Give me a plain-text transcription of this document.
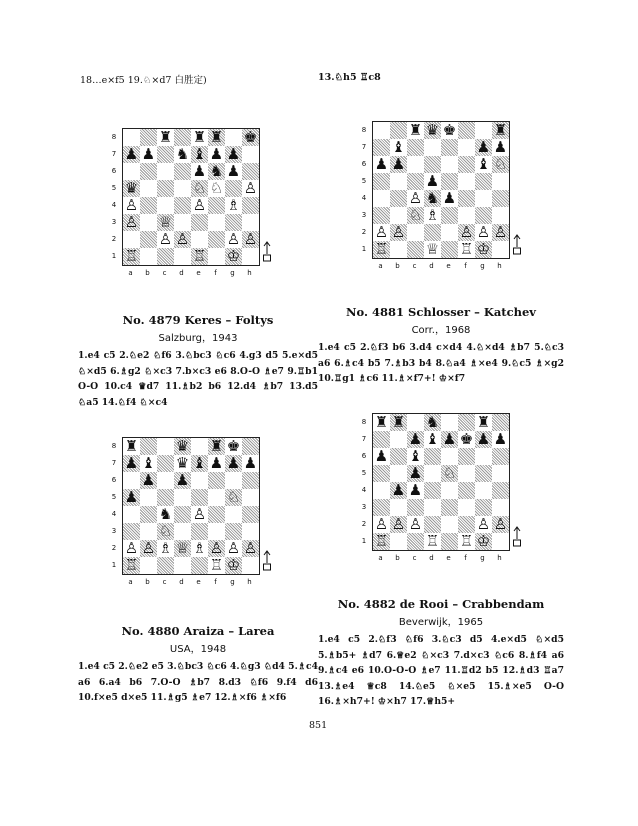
18…e×f5 19.♘×d7 白胜定)	13.♘h5 ♖c8
8
7
6
5
4
3
2
1
♜ ♜ ♜ ♚
♟ ♟ ♞ ♝ ♟ ♟
♟ ♞ ♟
♛	♘ ♘ ♙
♙	♙ ♗
♙ ♕
♙ ♙	♙ ♙
♖	♖ ♔
a	b	c	d	e	f	g	h
8
7
6
5
4
3
2
1
♜ ♛ ♚	♜
♝	♟ ♟
♟ ♟	♝ ♘
♟
♙ ♞ ♟
♘ ♗
♙ ♙	♙ ♙ ♙
♖	♕ ♖ ♔
a	b	c	d	e	f	g	h
8
7
6
5
4
3
2
1
♜	♛ ♜ ♚
♟ ♝ ♛ ♝ ♟ ♟ ♟
♟ ♟
♟	♘
♞ ♙
♘
♙ ♙ ♗ ♕ ♗ ♙ ♙ ♙
♖	♖ ♔
a	b	c	d	e	f	g	h
8
7
6
5
4
3
2
1
♜ ♜ ♞	♜
♟ ♝ ♟ ♚ ♟ ♟
♟ ♝
♟ ♘
♟ ♟
♙ ♙ ♙	♙ ♙
♖	♖ ♖ ♔
a	b	c	d	e	f	g	h
No. 4879 Keres – Foltys
Salzburg，1943
1.e4 c5 2.♘e2 ♘f6 3.♘bc3 ♘c6 4.g3 d5 5.e×d5 ♘×d5 6.♗g2 ♘×c3 7.b×c3 e6 8.O-O ♗e7 9.♖b1 O-O 10.c4 ♛d7 11.♗b2 b6 12.d4 ♗b7 13.d5 ♘a5 14.♘f4 ♘×c4
No. 4881 Schlosser – Katchev
Corr.，1968
1.e4 c5 2.♘f3 b6 3.d4 c×d4 4.♘×d4 ♗b7 5.♘c3 a6 6.♗c4 b5 7.♗b3 b4 8.♘a4 ♗×e4 9.♘c5 ♗×g2 10.♖g1 ♗c6 11.♗×f7+! ♔×f7
No. 4880 Araiza – Larea
USA，1948
1.e4 c5 2.♘e2 e5 3.♘bc3 ♘c6 4.♘g3 ♘d4 5.♗c4 a6 6.a4 b6 7.O-O ♗b7 8.d3 ♘f6 9.f4 d6 10.f×e5 d×e5 11.♗g5 ♗e7 12.♗×f6 ♗×f6
No. 4882 de Rooi – Crabbendam
Beverwijk，1965
1.e4 c5 2.♘f3 ♘f6 3.♘c3 d5 4.e×d5 ♘×d5 5.♗b5+ ♗d7 6.♕e2 ♘×c3 7.d×c3 ♘c6 8.♗f4 a6 9.♗c4 e6 10.O-O-O ♗e7 11.♖d2 b5 12.♗d3 ♖a7 13.♗e4 ♕c8 14.♘e5 ♘×e5 15.♗×e5 O-O 16.♗×h7+! ♔×h7 17.♕h5+
851
